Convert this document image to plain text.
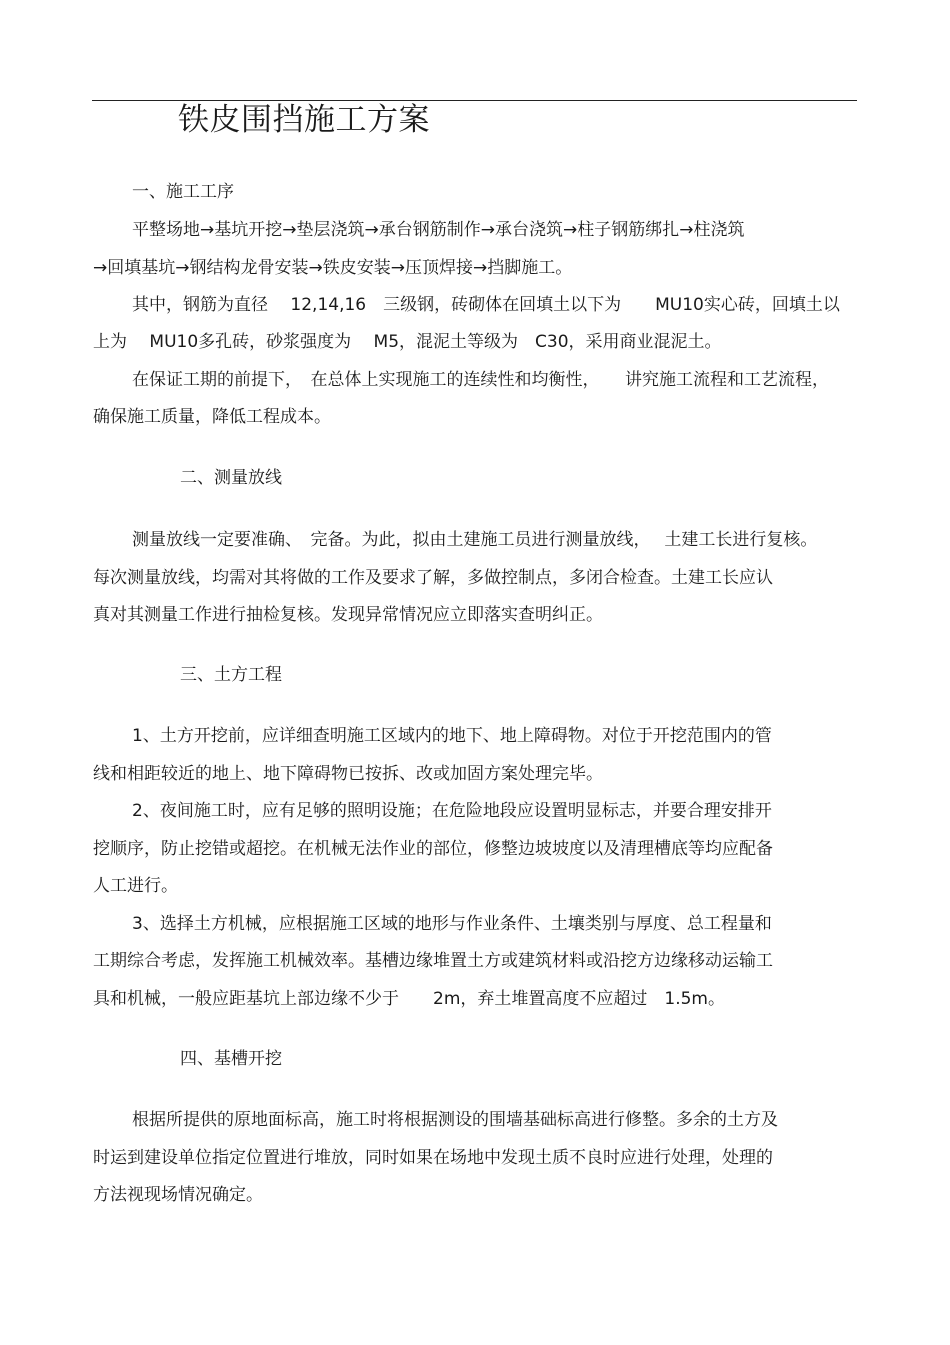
铁皮围挡施工方案
一、施工工序
平整场地→基坑开挖→垫层浇筑→承台钢筋制作→承台浇筑→柱子钢筋绑扎→柱浇筑
→回填基坑→钢结构龙骨安装→铁皮安装→压顶焊接→挡脚施工。
其中，钢筋为直径　 12,14,16　三级钢，砖砌体在回填土以下为　　MU10实心砖，回填土以
上为　 MU10多孔砖，砂浆强度为　 M5，混泥土等级为　C30，采用商业混泥土。
在保证工期的前提下，　在总体上实现施工的连续性和均衡性，　　讲究施工流程和工艺流程，
确保施工质量，降低工程成本。
二、测量放线
测量放线一定要准确、　完备。为此，拟由土建施工员进行测量放线，　 土建工长进行复核。
每次测量放线，均需对其将做的工作及要求了解，多做控制点，多闭合检查。土建工长应认
真对其测量工作进行抽检复核。发现异常情况应立即落实查明纠正。
三、土方工程
1、土方开挖前，应详细查明施工区域内的地下、地上障碍物。对位于开挖范围内的管
线和相距较近的地上、地下障碍物已按拆、改或加固方案处理完毕。
2、夜间施工时，应有足够的照明设施；在危险地段应设置明显标志，并要合理安排开
挖顺序，防止挖错或超挖。在机械无法作业的部位，修整边坡坡度以及清理槽底等均应配备
人工进行。
3、选择土方机械，应根据施工区域的地形与作业条件、土壤类别与厚度、总工程量和
工期综合考虑，发挥施工机械效率。基槽边缘堆置土方或建筑材料或沿挖方边缘移动运输工
具和机械，一般应距基坑上部边缘不少于　　2m，弃土堆置高度不应超过　1.5m。
四、基槽开挖
根据所提供的原地面标高，施工时将根据测设的围墙基础标高进行修整。多余的土方及
时运到建设单位指定位置进行堆放，同时如果在场地中发现土质不良时应进行处理，处理的
方法视现场情况确定。
